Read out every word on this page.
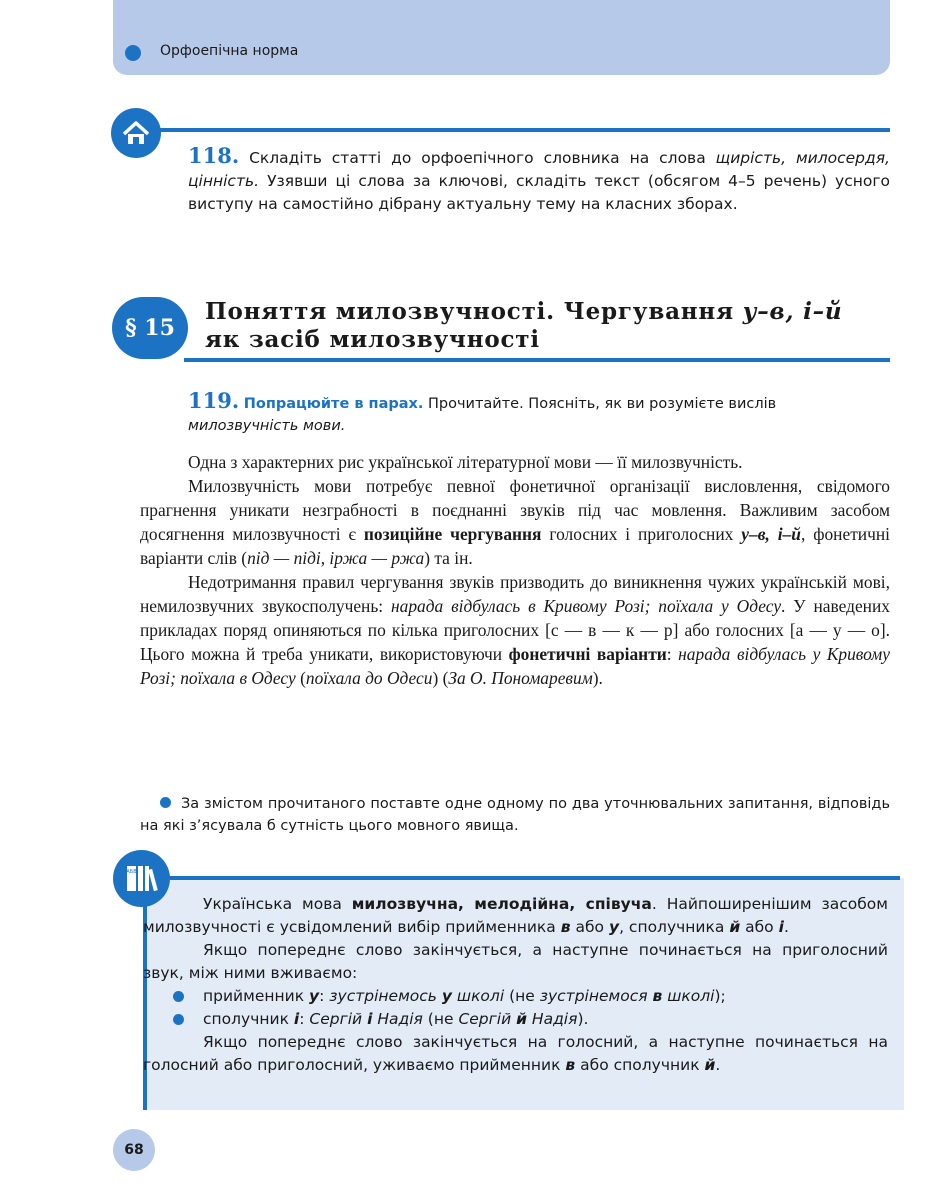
Орфоепічна норма
118. Складіть статті до орфоепічного словника на слова щирість, милосердя, цінність. Узявши ці слова за ключові, складіть текст (обсягом 4–5 речень) усного виступу на самостійно дібрану актуальну тему на класних зборах.
§ 15
Поняття милозвучності. Чергування у–в, і–й
як засіб милозвучності
119. Попрацюйте в парах. Прочитайте. Поясніть, як ви розумієте вислів милозвучність мови.

Одна з характерних рис української літературної мови — її милозвучність.

Милозвучність мови потребує певної фонетичної організації висловлення, свідомого прагнення уникати незграбності в поєднанні звуків під час мовлення. Важливим засобом досягнення милозвучності є позиційне чергування голосних і приголосних у–в, і–й, фонетичні варіанти слів (під — піді, іржа — ржа) та ін.

Недотримання правил чергування звуків призводить до виникнення чужих українській мові, немилозвучних звукосполучень: нарада відбулась в Кривому Розі; поїхала у Одесу. У наведених прикладах поряд опиняються по кілька приголосних [с — в — к — р] або голосних [а — у — о]. Цього можна й треба уникати, використовуючи фонетичні варіанти: нарада відбулась у Кривому Розі; поїхала в Одесу (поїхала до Одеси) (За О. Пономаревим).

За змістом прочитаного поставте одне одному по два уточнювальних запитання, відповідь на які з’ясувала б сутність цього мовного явища.
АБВ

Українська мова милозвучна, мелодійна, співуча. Найпоширенішим засобом милозвучності є усвідомлений вибір прийменника в або у, сполучника й або і.

Якщо попереднє слово закінчується, а наступне починається на приголосний звук, між ними вживаємо:

прийменник у: зустрінемось у школі (не зустрінемося в школі);
сполучник і: Сергій і Надія (не Сергій й Надія).

Якщо попереднє слово закінчується на голосний, а наступне починається на голосний або приголосний, уживаємо прийменник в або сполучник й.

68
